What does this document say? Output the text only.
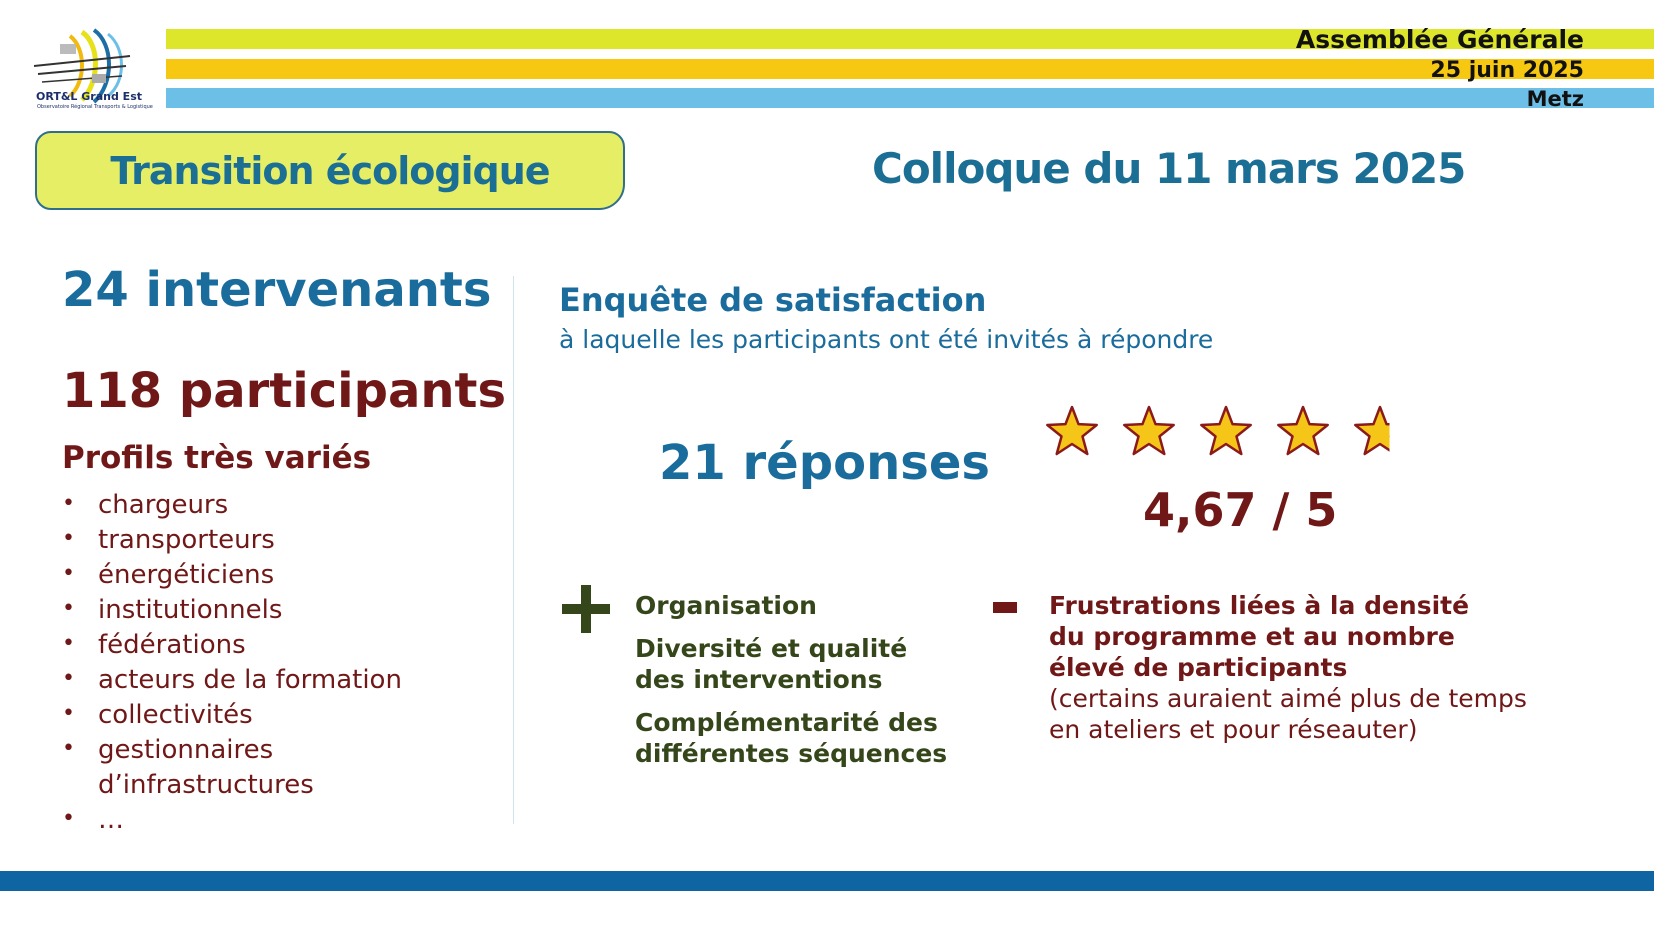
Assemblée Générale
25 juin 2025
Metz
ORT&L Grand Est
Observatoire Régional Transports & Logistique
Transition écologique	Colloque du 11 mars 2025
24 intervenants
118 participants
Profils très variés
• chargeurs
• transporteurs
• énergéticiens
• institutionnels
• fédérations
• acteurs de la formation
• collectivités
• gestionnaires
d’infrastructures
• …
Enquête de satisfaction
à laquelle les participants ont été invités à répondre
21 réponses
4,67 / 5
Organisation
Diversité et qualité des interventions
Complémentarité des différentes séquences
Frustrations liées à la densité
du programme et au nombre
élevé de participants
(certains auraient aimé plus de temps
en ateliers et pour réseauter)
